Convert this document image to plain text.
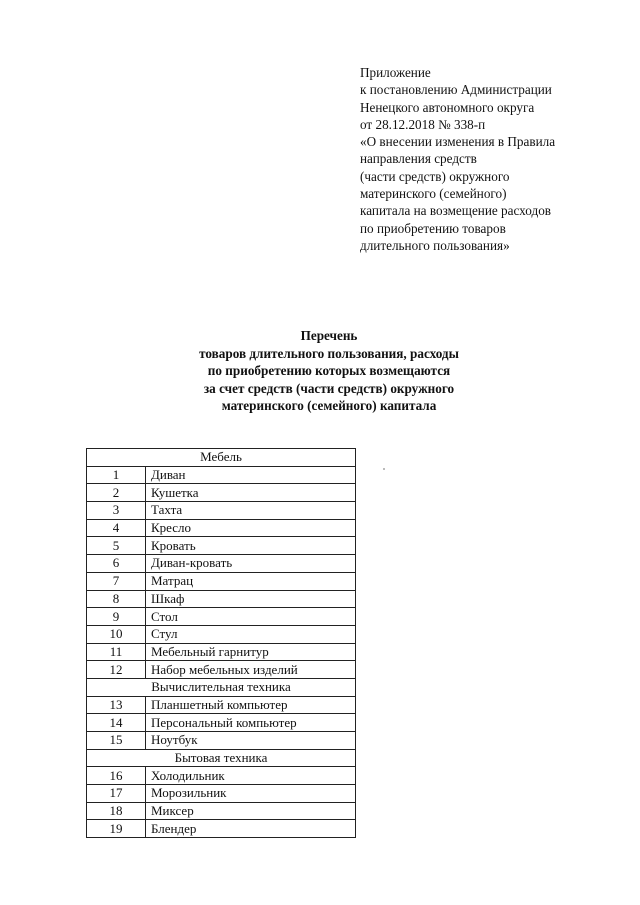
Приложение
к постановлению Администрации
Ненецкого автономного округа
от 28.12.2018 № 338-п
«О внесении изменения в Правила
направления средств
(части средств) окружного
материнского (семейного)
капитала на возмещение расходов
по приобретению товаров
длительного пользования»
Перечень
товаров длительного пользования, расходы
по приобретению которых возмещаются
за счет средств (части средств) окружного
материнского (семейного) капитала
Мебель	
1	Диван
2	Кушетка
3	Тахта
4	Кресло
5	Кровать
6	Диван-кровать
7	Матрац
8	Шкаф
9	Стол
10	Стул
11	Мебельный гарнитур
12	Набор мебельных изделий
Вычислительная техника	
13	Планшетный компьютер
14	Персональный компьютер
15	Ноутбук
Бытовая техника	
16	Холодильник
17	Морозильник
18	Миксер
19	Блендер
